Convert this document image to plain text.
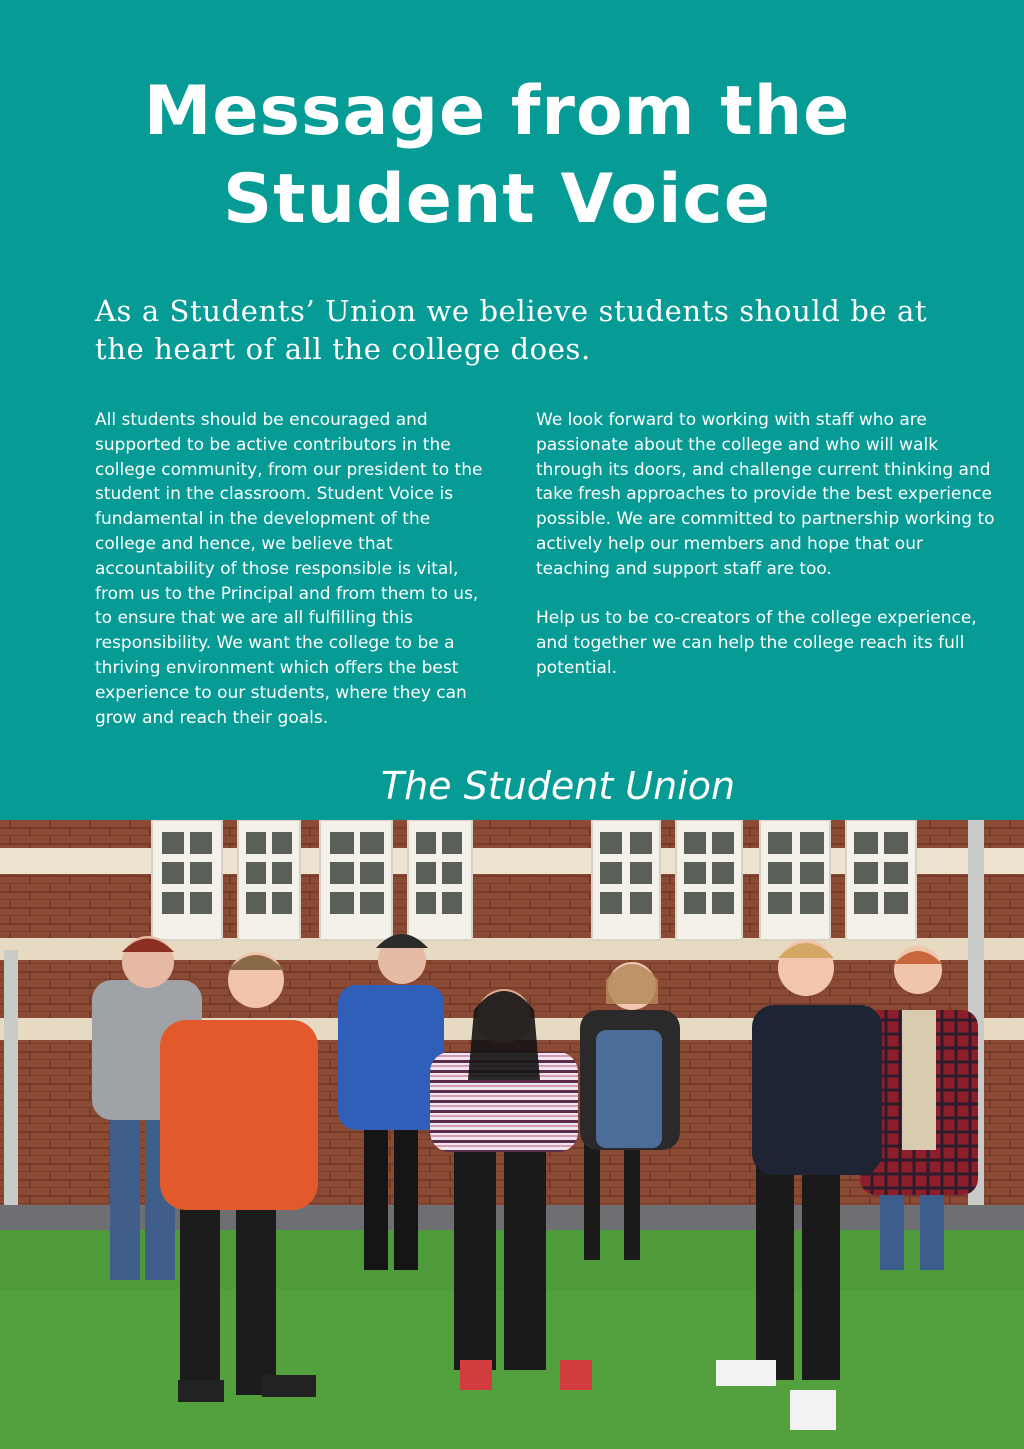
Message from the
Student Voice

As a Students’ Union we believe students should be at the heart of all the college does.

All students should be encouraged and supported to be active contributors in the college community, from our president to the student in the classroom. Student Voice is fundamental in the development of the college and hence, we believe that accountability of those responsible is vital, from us to the Principal and from them to us, to ensure that we are all fulfilling this responsibility. We want the college to be a thriving environment which offers the best experience to our students, where they can grow and reach their goals.

We look forward to working with staff who are passionate about the college and who will walk through its doors, and challenge current thinking and take fresh approaches to provide the best experience possible. We are committed to partnership working to actively help our members and hope that our teaching and support staff are too.

Help us to be co-creators of the college experience, and together we can help the college reach its full potential.

The Student Union
